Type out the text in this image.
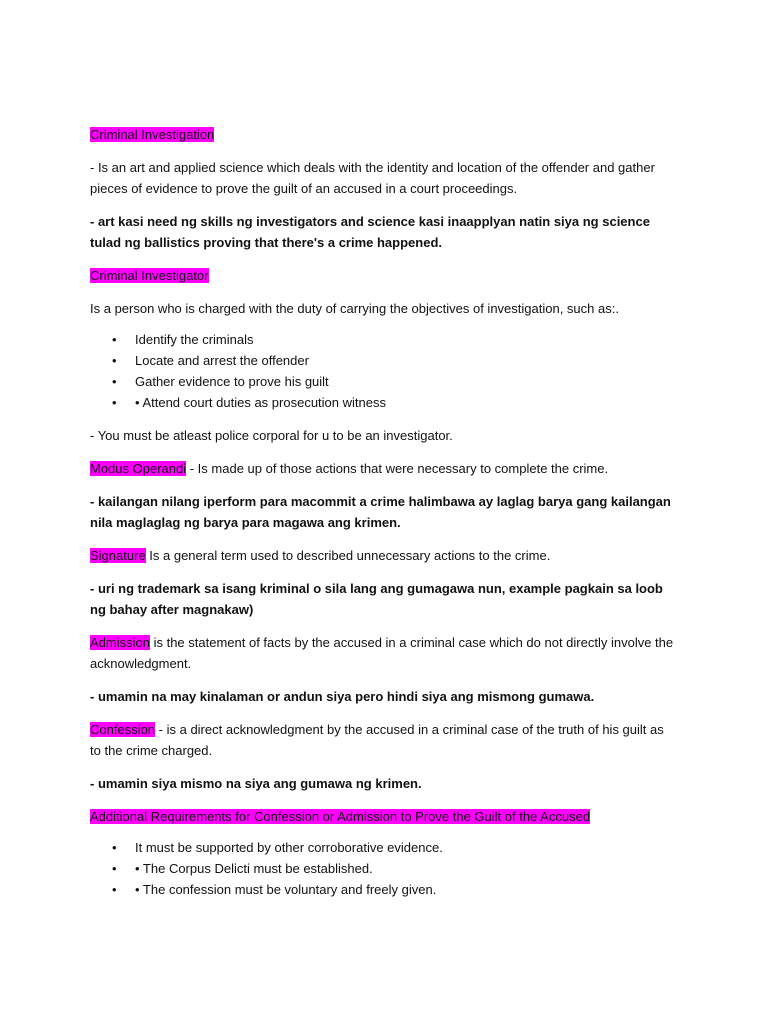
Criminal Investigation

- Is an art and applied science which deals with the identity and location of the offender and gather pieces of evidence to prove the guilt of an accused in a court proceedings.

- art kasi need ng skills ng investigators and science kasi inaapplyan natin siya ng science tulad ng ballistics proving that there's a crime happened.

Criminal Investigator

Is a person who is charged with the duty of carrying the objectives of investigation, such as:.

• Identify the criminals
• Locate and arrest the offender
• Gather evidence to prove his guilt
• • Attend court duties as prosecution witness

- You must be atleast police corporal for u to be an investigator.

Modus Operandi - Is made up of those actions that were necessary to complete the crime.

- kailangan nilang iperform para macommit a crime halimbawa ay laglag barya gang kailangan nila maglaglag ng barya para magawa ang krimen.

Signature Is a general term used to described unnecessary actions to the crime.

- uri ng trademark sa isang kriminal o sila lang ang gumagawa nun, example pagkain sa loob ng bahay after magnakaw)

Admission is the statement of facts by the accused in a criminal case which do not directly involve the acknowledgment.

- umamin na may kinalaman or andun siya pero hindi siya ang mismong gumawa.

Confession - is a direct acknowledgment by the accused in a criminal case of the truth of his guilt as to the crime charged.

- umamin siya mismo na siya ang gumawa ng krimen.

Additional Requirements for Confession or Admission to Prove the Guilt of the Accused

• It must be supported by other corroborative evidence.
• • The Corpus Delicti must be established.
• • The confession must be voluntary and freely given.
